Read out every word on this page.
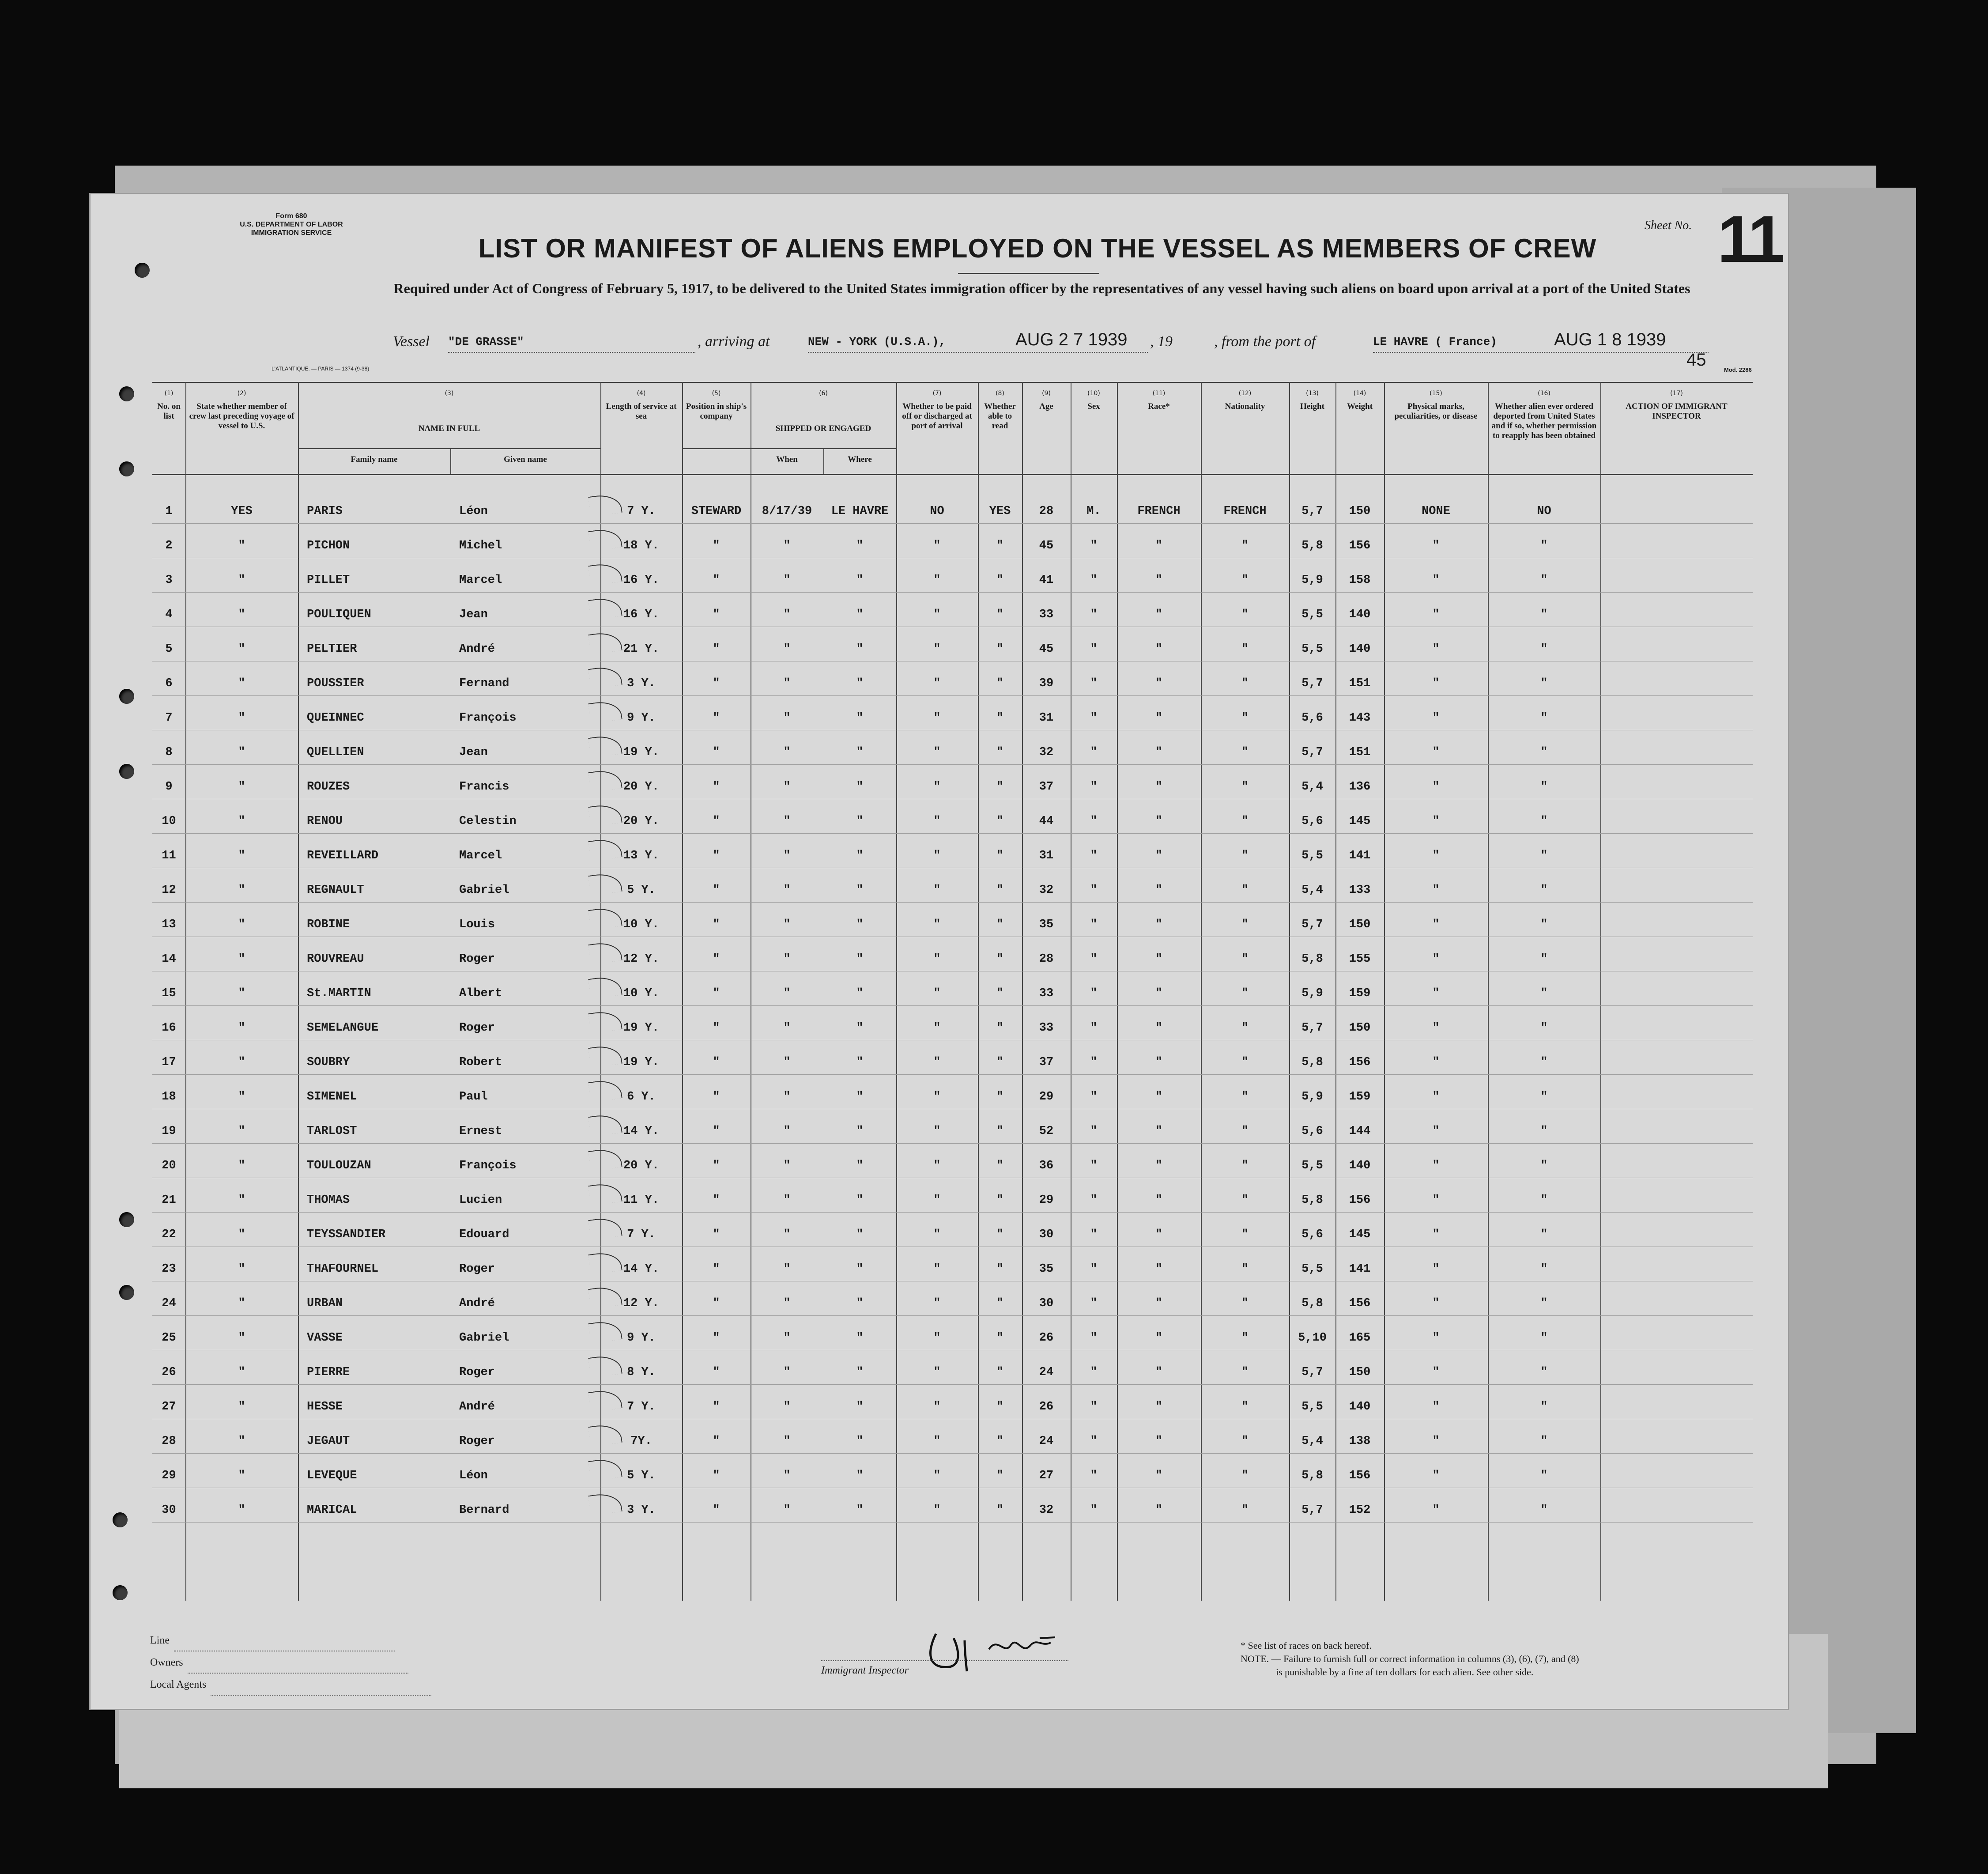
Form 680
U.S. DEPARTMENT OF LABOR
IMMIGRATION SERVICE
Sheet No. 11
LIST OR MANIFEST OF ALIENS EMPLOYED ON THE VESSEL AS MEMBERS OF CREW
Required under Act of Congress of February 5, 1917, to be delivered to the United States immigration officer by the representatives of any vessel having such aliens on board upon arrival at a port of the United States
Vessel "DE GRASSE"	, arriving at	NEW - YORK (U.S.A.),	AUG 2 7 1939 , 19	, from the port of	LE HAVRE ( France)	AUG 1 8 1939
L'ATLANTIQUE. — PARIS — 1374 (9-38)	45
Mod. 2286
(1)
No. on list
(2)
State whether member of crew last preceding voyage of vessel to U.S.
(3)
NAME IN FULL
(4)
Length of service at sea
(5)
Position in ship's company
(6)
SHIPPED OR ENGAGED
(7)
Whether to be paid off or discharged at port of arrival
(8)
Whether able to read
(9)
Age
(10)
Sex
(11)
Race*
(12)
Nationality
(13)
Height
(14)
Weight
(15)
Physical marks, peculiarities, or disease
(16)
Whether alien ever ordered deported from United States and if so, whether permission to reapply has been obtained
(17)
ACTION OF IMMIGRANT INSPECTOR
Family name	Given name	When	Where
1	YES	PARIS	Léon	7 Y.	STEWARD	8/17/39	LE HAVRE	NO	YES	28	M.	FRENCH	FRENCH	5,7	150	NONE	NO
2	"	PICHON	Michel	18 Y.	"	"	"	"	"	45	"	"	"	5,8	156	"	"
3	"	PILLET	Marcel	16 Y.	"	"	"	"	"	41	"	"	"	5,9	158	"	"
4	"	POULIQUEN	Jean	16 Y.	"	"	"	"	"	33	"	"	"	5,5	140	"	"
5	"	PELTIER	André	21 Y.	"	"	"	"	"	45	"	"	"	5,5	140	"	"
6	"	POUSSIER	Fernand	3 Y.	"	"	"	"	"	39	"	"	"	5,7	151	"	"
7	"	QUEINNEC	François	9 Y.	"	"	"	"	"	31	"	"	"	5,6	143	"	"
8	"	QUELLIEN	Jean	19 Y.	"	"	"	"	"	32	"	"	"	5,7	151	"	"
9	"	ROUZES	Francis	20 Y.	"	"	"	"	"	37	"	"	"	5,4	136	"	"
10	"	RENOU	Celestin	20 Y.	"	"	"	"	"	44	"	"	"	5,6	145	"	"
11	"	REVEILLARD	Marcel	13 Y.	"	"	"	"	"	31	"	"	"	5,5	141	"	"
12	"	REGNAULT	Gabriel	5 Y.	"	"	"	"	"	32	"	"	"	5,4	133	"	"
13	"	ROBINE	Louis	10 Y.	"	"	"	"	"	35	"	"	"	5,7	150	"	"
14	"	ROUVREAU	Roger	12 Y.	"	"	"	"	"	28	"	"	"	5,8	155	"	"
15	"	St.MARTIN	Albert	10 Y.	"	"	"	"	"	33	"	"	"	5,9	159	"	"
16	"	SEMELANGUE	Roger	19 Y.	"	"	"	"	"	33	"	"	"	5,7	150	"	"
17	"	SOUBRY	Robert	19 Y.	"	"	"	"	"	37	"	"	"	5,8	156	"	"
18	"	SIMENEL	Paul	6 Y.	"	"	"	"	"	29	"	"	"	5,9	159	"	"
19	"	TARLOST	Ernest	14 Y.	"	"	"	"	"	52	"	"	"	5,6	144	"	"
20	"	TOULOUZAN	François	20 Y.	"	"	"	"	"	36	"	"	"	5,5	140	"	"
21	"	THOMAS	Lucien	11 Y.	"	"	"	"	"	29	"	"	"	5,8	156	"	"
22	"	TEYSSANDIER	Edouard	7 Y.	"	"	"	"	"	30	"	"	"	5,6	145	"	"
23	"	THAFOURNEL	Roger	14 Y.	"	"	"	"	"	35	"	"	"	5,5	141	"	"
24	"	URBAN	André	12 Y.	"	"	"	"	"	30	"	"	"	5,8	156	"	"
25	"	VASSE	Gabriel	9 Y.	"	"	"	"	"	26	"	"	"	5,10	165	"	"
26	"	PIERRE	Roger	8 Y.	"	"	"	"	"	24	"	"	"	5,7	150	"	"
27	"	HESSE	André	7 Y.	"	"	"	"	"	26	"	"	"	5,5	140	"	"
28	"	JEGAUT	Roger	7Y.	"	"	"	"	"	24	"	"	"	5,4	138	"	"
29	"	LEVEQUE	Léon	5 Y.	"	"	"	"	"	27	"	"	"	5,8	156	"	"
30	"	MARICAL	Bernard	3 Y.	"	"	"	"	"	32	"	"	"	5,7	152	"	"
Line
Owners
Local Agents
Immigrant Inspector
* See list of races on back hereof.
NOTE. — Failure to furnish full or correct information in columns (3), (6), (7), and (8)
is punishable by a fine af ten dollars for each alien. See other side.
